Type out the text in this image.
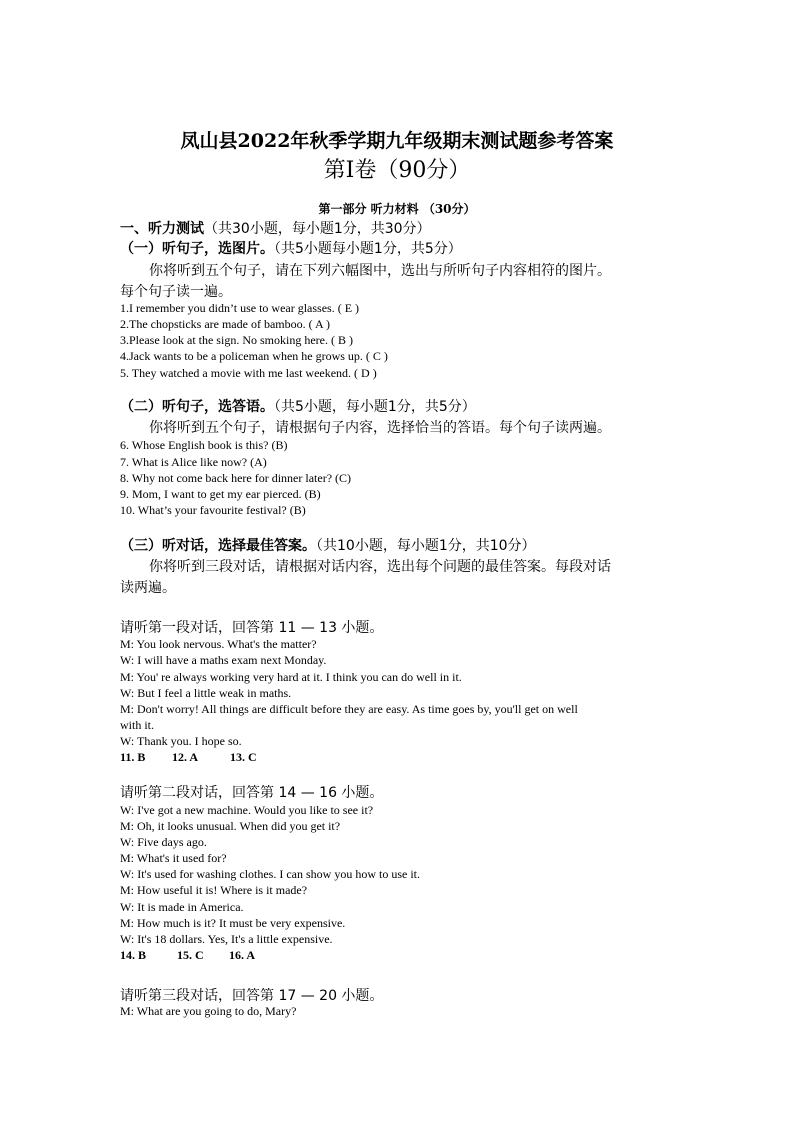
凤山县2022年秋季学期九年级期末测试题参考答案
第Ⅰ卷（90分）
第一部分 听力材料 （30分）
一、听力测试（共30小题，每小题1分，共30分）
（一）听句子，选图片。（共5小题每小题1分，共5分）
你将听到五个句子，请在下列六幅图中，选出与所听句子内容相符的图片。
每个句子读一遍。
1.I remember you didn’t use to wear glasses. ( E )
2.The chopsticks are made of bamboo. ( A )
3.Please look at the sign. No smoking here. ( B )
4.Jack wants to be a policeman when he grows up. ( C )
5. They watched a movie with me last weekend. ( D )
（二）听句子，选答语。（共5小题，每小题1分，共5分）
你将听到五个句子，请根据句子内容，选择恰当的答语。每个句子读两遍。
6. Whose English book is this? (B)
7. What is Alice like now? (A)
8. Why not come back here for dinner later? (C)
9. Mom, I want to get my ear pierced. (B)
10. What’s your favourite festival? (B)
（三）听对话，选择最佳答案。（共10小题，每小题1分，共10分）
你将听到三段对话，请根据对话内容，选出每个问题的最佳答案。每段对话
读两遍。
请听第一段对话，回答第 11 — 13 小题。
M: You look nervous. What's the matter?
W: I will have a maths exam next Monday.
M: You' re always working very hard at it. I think you can do well in it.
W: But I feel a little weak in maths.
M: Don't worry! All things are difficult before they are easy. As time goes by, you'll get on well
with it.
W: Thank you. I hope so.
11. B 12. A	13. C
请听第二段对话，回答第 14 — 16 小题。
W: I've got a new machine. Would you like to see it?
M: Oh, it looks unusual. When did you get it?
W: Five days ago.
M: What's it used for?
W: It's used for washing clothes. I can show you how to use it.
M: How useful it is! Where is it made?
W: It is made in America.
M: How much is it? It must be very expensive.
W: It's 18 dollars. Yes, It's a little expensive.
14. B	15. C 16. A
请听第三段对话，回答第 17 — 20 小题。
M: What are you going to do, Mary?
